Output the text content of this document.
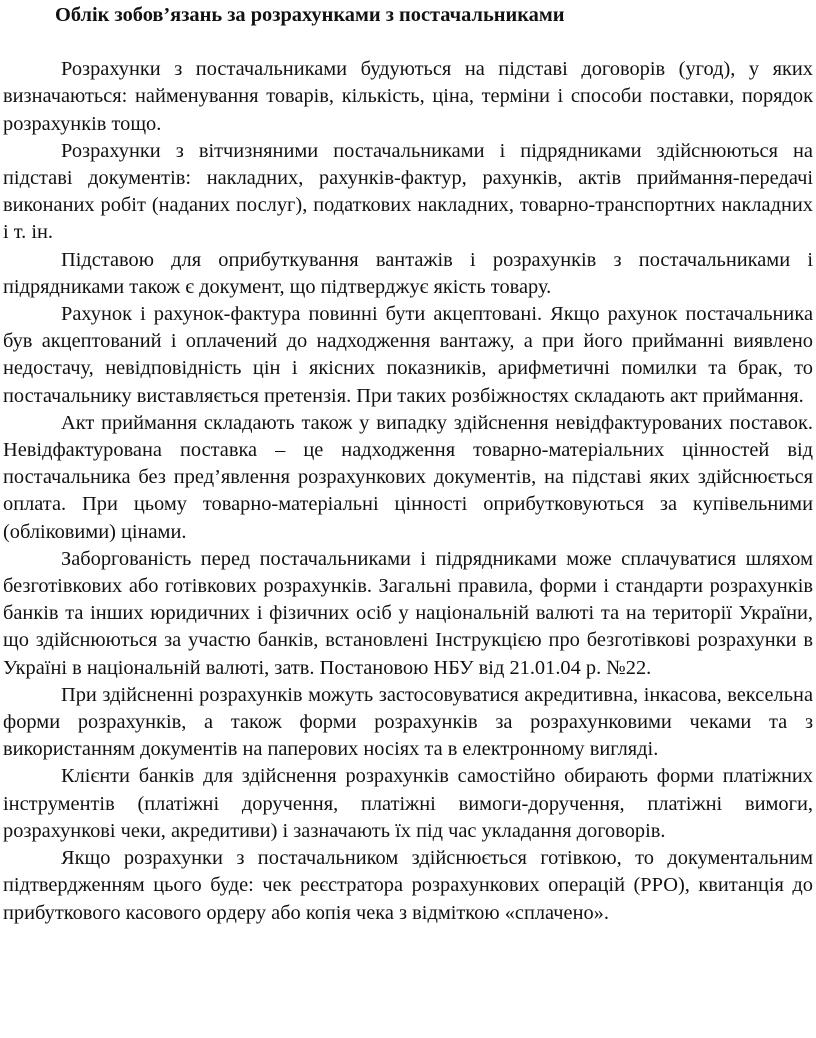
Облік зобов’язань за розрахунками з постачальниками

Розрахунки з постачальниками будуються на підставі договорів (угод), у яких визначаються: найменування товарів, кількість, ціна, терміни і способи поставки, порядок розрахунків тощо.

Розрахунки з вітчизняними постачальниками і підрядниками здійснюються на підставі документів: накладних, рахунків-фактур, рахунків, актів приймання-передачі виконаних робіт (наданих послуг), податкових накладних, товарно-транспортних накладних і т. ін.

Підставою для оприбуткування вантажів і розрахунків з постачальниками і підрядниками також є документ, що підтверджує якість товару.

Рахунок і рахунок-фактура повинні бути акцептовані. Якщо рахунок постачальника був акцептований і оплачений до надходження вантажу, а при його прийманні виявлено недостачу, невідповідність цін і якісних показників, арифметичні помилки та брак, то постачальнику виставляється претензія. При таких розбіжностях складають акт приймання.

Акт приймання складають також у випадку здійснення невідфактурованих поставок. Невідфактурована поставка – це надходження товарно-матеріальних цінностей від постачальника без пред’явлення розрахункових документів, на підставі яких здійснюється оплата. При цьому товарно-матеріальні цінності оприбутковуються за купівельними (обліковими) цінами.

Заборгованість перед постачальниками і підрядниками може сплачуватися шляхом безготівкових або готівкових розрахунків. Загальні правила, форми і стандарти розрахунків банків та інших юридичних і фізичних осіб у національній валюті та на території України, що здійснюються за участю банків, встановлені Інструкцією про безготівкові розрахунки в Україні в національній валюті, затв. Постановою НБУ від 21.01.04 р. №22.

При здійсненні розрахунків можуть застосовуватися акредитивна, інкасова, вексельна форми розрахунків, а також форми розрахунків за розрахунковими чеками та з використанням документів на паперових носіях та в електронному вигляді.

Клієнти банків для здійснення розрахунків самостійно обирають форми платіжних інструментів (платіжні доручення, платіжні вимоги-доручення, платіжні вимоги, розрахункові чеки, акредитиви) і зазначають їх під час укладання договорів.

Якщо розрахунки з постачальником здійснюється готівкою, то документальним підтвердженням цього буде: чек реєстратора розрахункових операцій (РРО), квитанція до прибуткового касового ордеру або копія чека з відміткою «сплачено».
